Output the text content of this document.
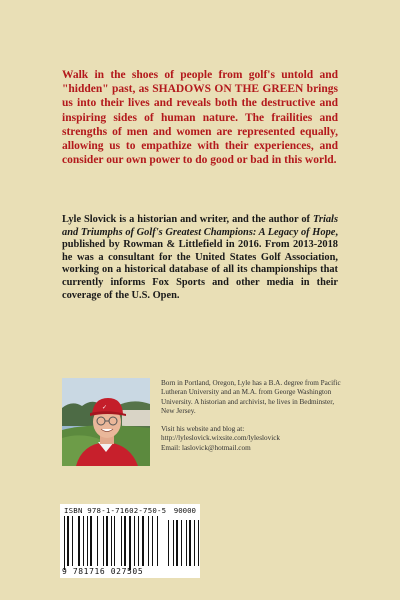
Walk in the shoes of people from golf's untold and "hidden" past, as SHADOWS ON THE GREEN brings us into their lives and reveals both the destructive and inspiring sides of human nature. The frailities and strengths of men and women are represented equally, allowing us to empathize with their experiences, and consider our own power to do good or bad in this world.

Lyle Slovick is a historian and writer, and the author of Trials and Triumphs of Golf's Greatest Champions: A Legacy of Hope, published by Rowman & Littlefield in 2016. From 2013-2018 he was a consultant for the United States Golf Association, working on a historical database of all its championships that currently informs Fox Sports and other media in their coverage of the U.S. Open.

✓

Born in Portland, Oregon, Lyle has a B.A. degree from Pacific Lutheran University and an M.A. from George Washington University. A historian and archivist, he lives in Bedminster, New Jersey.

Visit his website and blog at:

http://lyleslovick.wixsite.com/lyleslovick

Email: laslovick@hotmail.com

ISBN 978-1-71602-750-5 90000
9 781716 027505
